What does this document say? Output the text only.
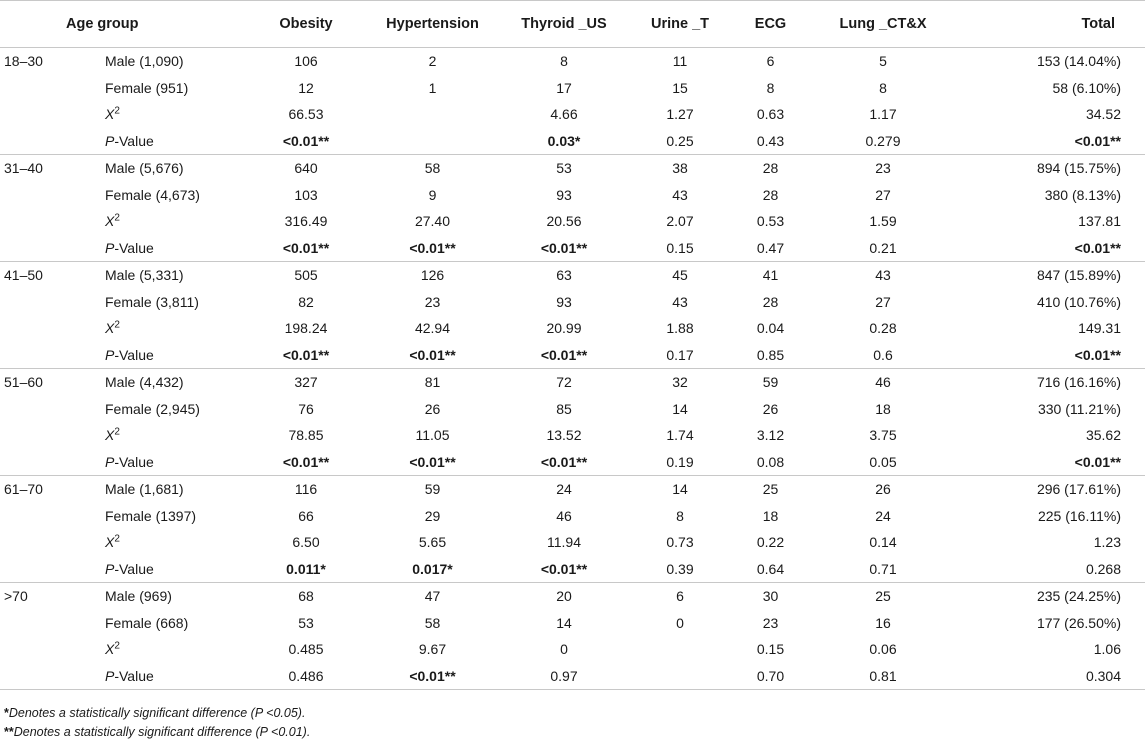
Age group		Obesity	Hypertension	Thyroid _US	Urine _T	ECG	Lung _CT&X	Total
18–30	Male (1,090)	106	2	8	11	6	5	153 (14.04%)
	Female (951)	12	1	17	15	8	8	58 (6.10%)
	$X^2$	66.53		4.66	1.27	0.63	1.17	34.52
	P-Value	<0.01**		0.03*	0.25	0.43	0.279	<0.01**
31–40	Male (5,676)	640	58	53	38	28	23	894 (15.75%)
	Female (4,673)	103	9	93	43	28	27	380 (8.13%)
	$X^2$	316.49	27.40	20.56	2.07	0.53	1.59	137.81
	P-Value	<0.01**	<0.01**	<0.01**	0.15	0.47	0.21	<0.01**
41–50	Male (5,331)	505	126	63	45	41	43	847 (15.89%)
	Female (3,811)	82	23	93	43	28	27	410 (10.76%)
	$X^2$	198.24	42.94	20.99	1.88	0.04	0.28	149.31
	P-Value	<0.01**	<0.01**	<0.01**	0.17	0.85	0.6	<0.01**
51–60	Male (4,432)	327	81	72	32	59	46	716 (16.16%)
	Female (2,945)	76	26	85	14	26	18	330 (11.21%)
	$X^2$	78.85	11.05	13.52	1.74	3.12	3.75	35.62
	P-Value	<0.01**	<0.01**	<0.01**	0.19	0.08	0.05	<0.01**
61–70	Male (1,681)	116	59	24	14	25	26	296 (17.61%)
	Female (1397)	66	29	46	8	18	24	225 (16.11%)
	$X^2$	6.50	5.65	11.94	0.73	0.22	0.14	1.23
	P-Value	0.011*	0.017*	<0.01**	0.39	0.64	0.71	0.268
>70	Male (969)	68	47	20	6	30	25	235 (24.25%)
	Female (668)	53	58	14	0	23	16	177 (26.50%)
	$X^2$	0.485	9.67	0		0.15	0.06	1.06
	P-Value	0.486	<0.01**	0.97		0.70	0.81	0.304
*Denotes a statistically significant difference (P <0.05).
**Denotes a statistically significant difference (P <0.01).
